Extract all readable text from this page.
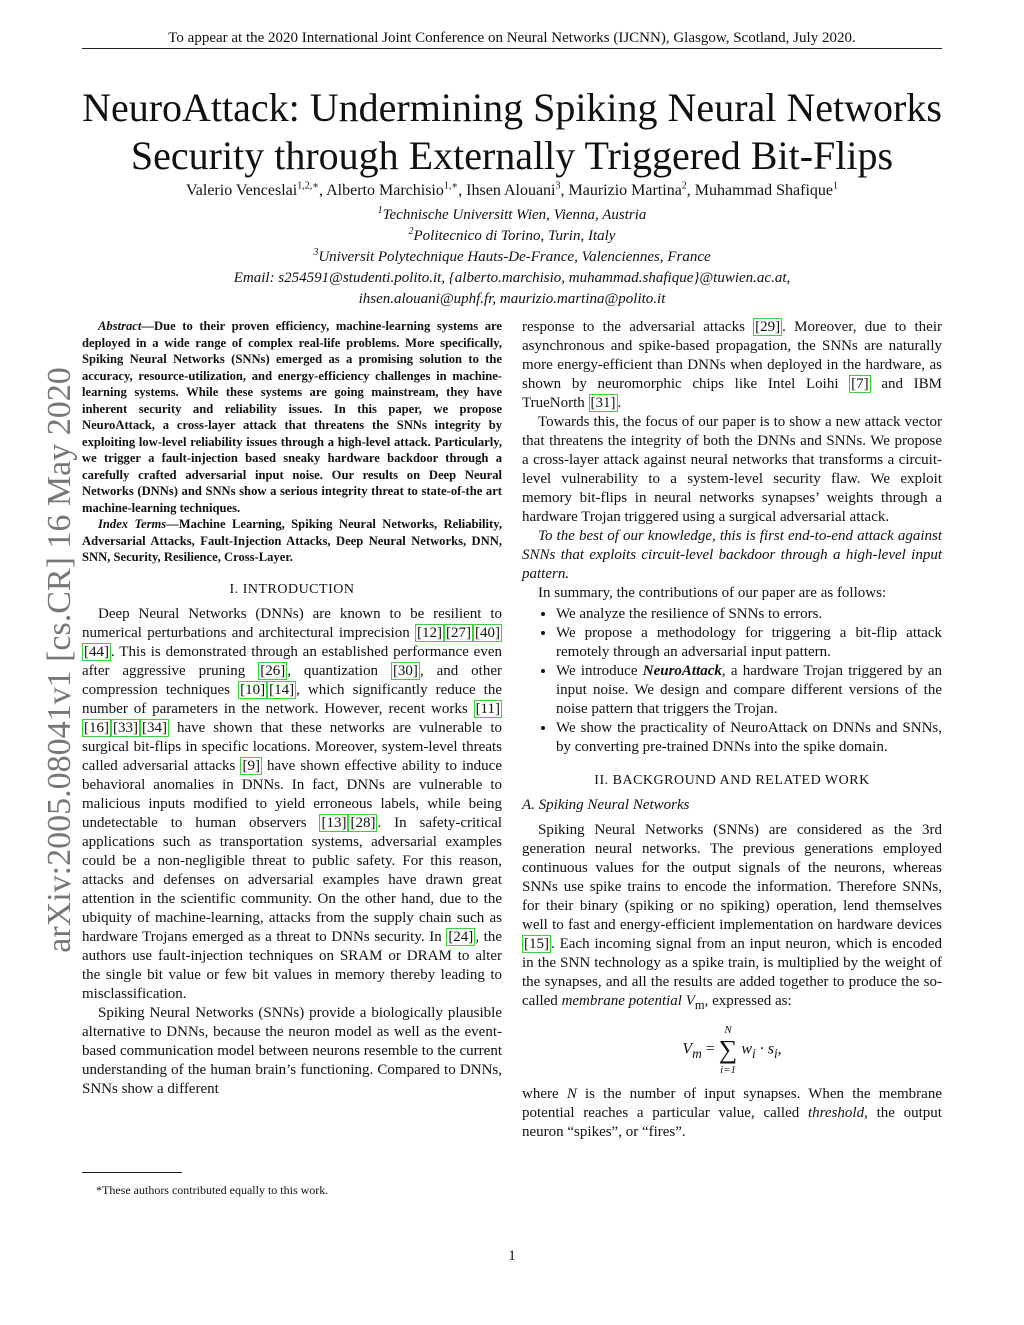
To appear at the 2020 International Joint Conference on Neural Networks (IJCNN), Glasgow, Scotland, July 2020.
arXiv:2005.08041v1 [cs.CR] 16 May 2020
NeuroAttack: Undermining Spiking Neural Networks
Security through Externally Triggered Bit-Flips
Valerio Venceslai$^{1,2,∗}$, Alberto Marchisio$^{1,∗}$, Ihsen Alouani$^3$, Maurizio Martina$^2$, Muhammad Shafique$^1$
$^1$Technische Universitt Wien, Vienna, Austria
$^2$Politecnico di Torino, Turin, Italy
$^3$Universit Polytechnique Hauts-De-France, Valenciennes, France
Email: s254591@studenti.polito.it, {alberto.marchisio, muhammad.shafique}@tuwien.ac.at,
ihsen.alouani@uphf.fr, maurizio.martina@polito.it

Abstract—Due to their proven efficiency, machine-learning systems are deployed in a wide range of complex real-life problems. More specifically, Spiking Neural Networks (SNNs) emerged as a promising solution to the accuracy, resource-utilization, and energy-efficiency challenges in machine-learning systems. While these systems are going mainstream, they have inherent security and reliability issues. In this paper, we propose NeuroAttack, a cross-layer attack that threatens the SNNs integrity by exploiting low-level reliability issues through a high-level attack. Particularly, we trigger a fault-injection based sneaky hardware backdoor through a carefully crafted adversarial input noise. Our results on Deep Neural Networks (DNNs) and SNNs show a serious integrity threat to state-of-the art machine-learning techniques.

Index Terms—Machine Learning, Spiking Neural Networks, Reliability, Adversarial Attacks, Fault-Injection Attacks, Deep Neural Networks, DNN, SNN, Security, Resilience, Cross-Layer.

I. INTRODUCTION

Deep Neural Networks (DNNs) are known to be resilient to numerical perturbations and architectural imprecision [12] [27] [40][44] . This is demonstrated through an established performance even after aggressive pruning [26] , quantization [30] , and other compression techniques [10] [14] , which significantly reduce the number of parameters in the network. However, recent works [11][16] [33] [34] have shown that these networks are vulnerable to surgical bit-flips in specific locations. Moreover, system-level threats called adversarial attacks [9] have shown effective ability to induce behavioral anomalies in DNNs. In fact, DNNs are vulnerable to malicious inputs modified to yield erroneous labels, while being undetectable to human observers [13] [28] . In safety-critical applications such as transportation systems, adversarial examples could be a non-negligible threat to public safety. For this reason, attacks and defenses on adversarial examples have drawn great attention in the scientific community. On the other hand, due to the ubiquity of machine-learning, attacks from the supply chain such as hardware Trojans emerged as a threat to DNNs security. In [24] , the authors use fault-injection techniques on SRAM or DRAM to alter the single bit value or few bit values in memory thereby leading to misclassification.

Spiking Neural Networks (SNNs) provide a biologically plausible alternative to DNNs, because the neuron model as well as the event-based communication model between neurons resemble to the current understanding of the human brain’s functioning. Compared to DNNs, SNNs show a different

*These authors contributed equally to this work.

response to the adversarial attacks [29] . Moreover, due to their asynchronous and spike-based propagation, the SNNs are naturally more energy-efficient than DNNs when deployed in the hardware, as shown by neuromorphic chips like Intel Loihi [7] and IBM TrueNorth [31] .

Towards this, the focus of our paper is to show a new attack vector that threatens the integrity of both the DNNs and SNNs. We propose a cross-layer attack against neural networks that transforms a circuit-level vulnerability to a system-level security flaw. We exploit memory bit-flips in neural networks synapses’ weights through a hardware Trojan triggered using a surgical adversarial attack.

To the best of our knowledge, this is first end-to-end attack against SNNs that exploits circuit-level backdoor through a high-level input pattern.

In summary, the contributions of our paper are as follows:

• We analyze the resilience of SNNs to errors.
• We propose a methodology for triggering a bit-flip attack remotely through an adversarial input pattern.
• We introduce NeuroAttack, a hardware Trojan triggered by an input noise. We design and compare different versions of the noise pattern that triggers the Trojan.
• We show the practicality of NeuroAttack on DNNs and SNNs, by converting pre-trained DNNs into the spike domain.
II. BACKGROUND AND RELATED WORK
A. Spiking Neural Networks

Spiking Neural Networks (SNNs) are considered as the 3rd generation neural networks. The previous generations employed continuous values for the output signals of the neurons, whereas SNNs use spike trains to encode the information. Therefore SNNs, for their binary (spiking or no spiking) operation, lend themselves well to fast and energy-efficient implementation on hardware devices [15] . Each incoming signal from an input neuron, which is encoded in the SNN technology as a spike train, is multiplied by the weight of the synapses, and all the results are added together to produce the so-called membrane potential $V_m$, expressed as:

$V_m$ =
N
∑
i=1
$w_i \cdot s_i$,

where N is the number of input synapses. When the membrane potential reaches a particular value, called threshold, the output neuron “spikes”, or “fires”.

1
